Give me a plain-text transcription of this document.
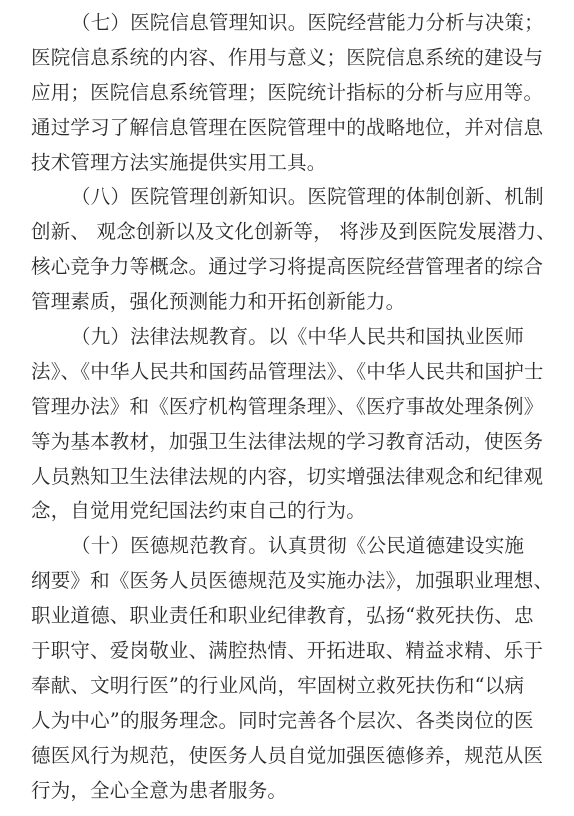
（七）医院信息管理知识。医院经营能力分析与决策；
医院信息系统的内容、作用与意义；医院信息系统的建设与
应用；医院信息系统管理；医院统计指标的分析与应用等。
通过学习了解信息管理在医院管理中的战略地位，并对信息
技术管理方法实施提供实用工具。
（八）医院管理创新知识。医院管理的体制创新、机制
创新、 观念创新以及文化创新等， 将涉及到医院发展潜力、
核心竞争力等概念。通过学习将提高医院经营管理者的综合
管理素质，强化预测能力和开拓创新能力。
（九）法律法规教育。以《中华人民共和国执业医师
法》、《中华人民共和国药品管理法》、《中华人民共和国护士
管理办法》和《医疗机构管理条理》、《医疗事故处理条例》
等为基本教材，加强卫生法律法规的学习教育活动，使医务
人员熟知卫生法律法规的内容，切实增强法律观念和纪律观
念，自觉用党纪国法约束自己的行为。
（十）医德规范教育。认真贯彻《公民道德建设实施
纲要》和《医务人员医德规范及实施办法》，加强职业理想、
职业道德、职业责任和职业纪律教育，弘扬“救死扶伤、忠
于职守、爱岗敬业、满腔热情、开拓进取、精益求精、乐于
奉献、文明行医”的行业风尚，牢固树立救死扶伤和“以病
人为中心”的服务理念。同时完善各个层次、各类岗位的医
德医风行为规范，使医务人员自觉加强医德修养，规范从医
行为，全心全意为患者服务。
